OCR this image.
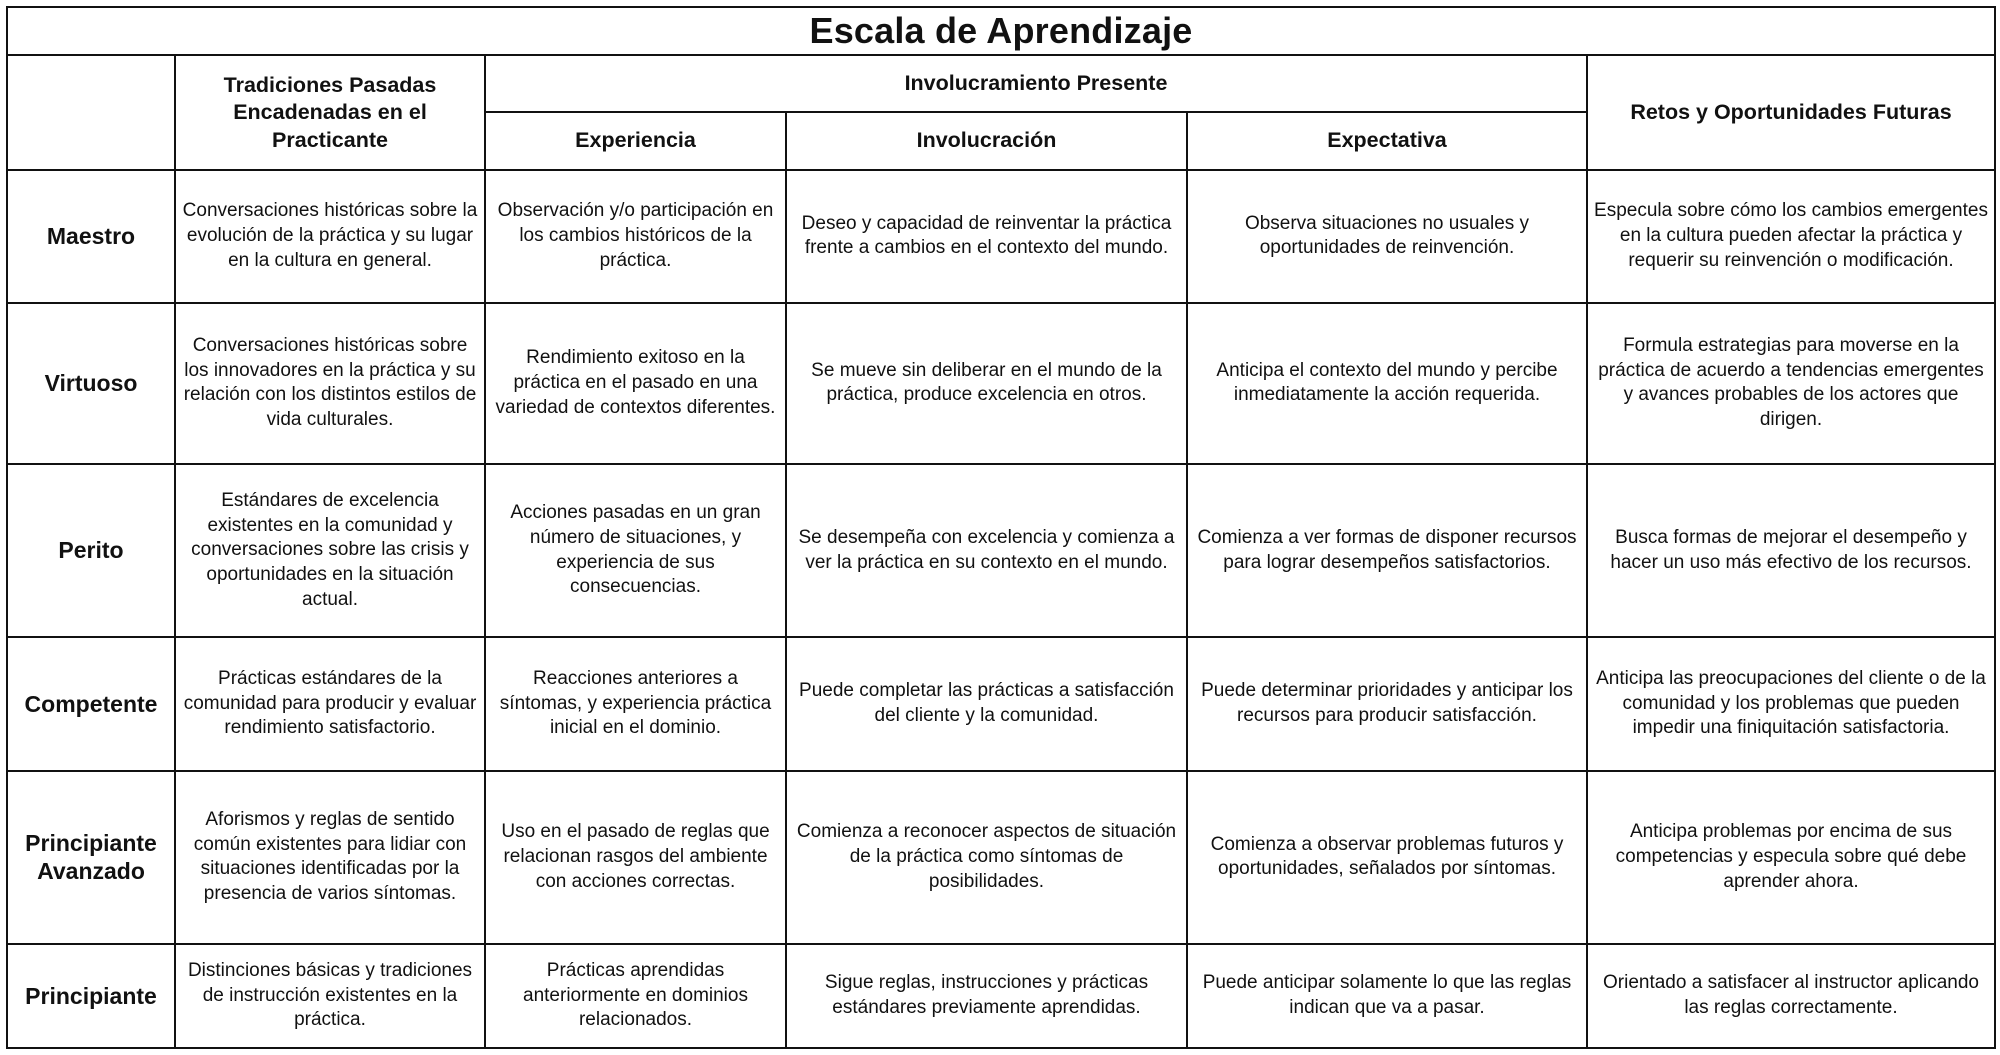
Escala de Aprendizaje					
	Tradiciones Pasadas Encadenadas en el Practicante	Involucramiento Presente			Retos y Oportunidades Futuras
		Experiencia	Involucración	Expectativa	
Maestro	Conversaciones históricas sobre la evolución de la práctica y su lugar en la cultura en general.	Observación y/o participación en los cambios históricos de la práctica.	Deseo y capacidad de reinventar la práctica frente a cambios en el contexto del mundo.	Observa situaciones no usuales y oportunidades de reinvención.	Especula sobre cómo los cambios emergentes en la cultura pueden afectar la práctica y requerir su reinvención o modificación.
Virtuoso	Conversaciones históricas sobre los innovadores en la práctica y su relación con los distintos estilos de vida culturales.	Rendimiento exitoso en la práctica en el pasado en una variedad de contextos diferentes.	Se mueve sin deliberar en el mundo de la práctica, produce excelencia en otros.	Anticipa el contexto del mundo y percibe inmediatamente la acción requerida.	Formula estrategias para moverse en la práctica de acuerdo a tendencias emergentes y avances probables de los actores que dirigen.
Perito	Estándares de excelencia existentes en la comunidad y conversaciones sobre las crisis y oportunidades en la situación actual.	Acciones pasadas en un gran número de situaciones, y experiencia de sus consecuencias.	Se desempeña con excelencia y comienza a ver la práctica en su contexto en el mundo.	Comienza a ver formas de disponer recursos para lograr desempeños satisfactorios.	Busca formas de mejorar el desempeño y hacer un uso más efectivo de los recursos.
Competente	Prácticas estándares de la comunidad para producir y evaluar rendimiento satisfactorio.	Reacciones anteriores a síntomas, y experiencia práctica inicial en el dominio.	Puede completar las prácticas a satisfacción del cliente y la comunidad.	Puede determinar prioridades y anticipar los recursos para producir satisfacción.	Anticipa las preocupaciones del cliente o de la comunidad y los problemas que pueden impedir una finiquitación satisfactoria.
Principiante Avanzado	Aforismos y reglas de sentido común existentes para lidiar con situaciones identificadas por la presencia de varios síntomas.	Uso en el pasado de reglas que relacionan rasgos del ambiente con acciones correctas.	Comienza a reconocer aspectos de situación de la práctica como síntomas de posibilidades.	Comienza a observar problemas futuros y oportunidades, señalados por síntomas.	Anticipa problemas por encima de sus competencias y especula sobre qué debe aprender ahora.
Principiante	Distinciones básicas y tradiciones de instrucción existentes en la práctica.	Prácticas aprendidas anteriormente en dominios relacionados.	Sigue reglas, instrucciones y prácticas estándares previamente aprendidas.	Puede anticipar solamente lo que las reglas indican que va a pasar.	Orientado a satisfacer al instructor aplicando las reglas correctamente.
